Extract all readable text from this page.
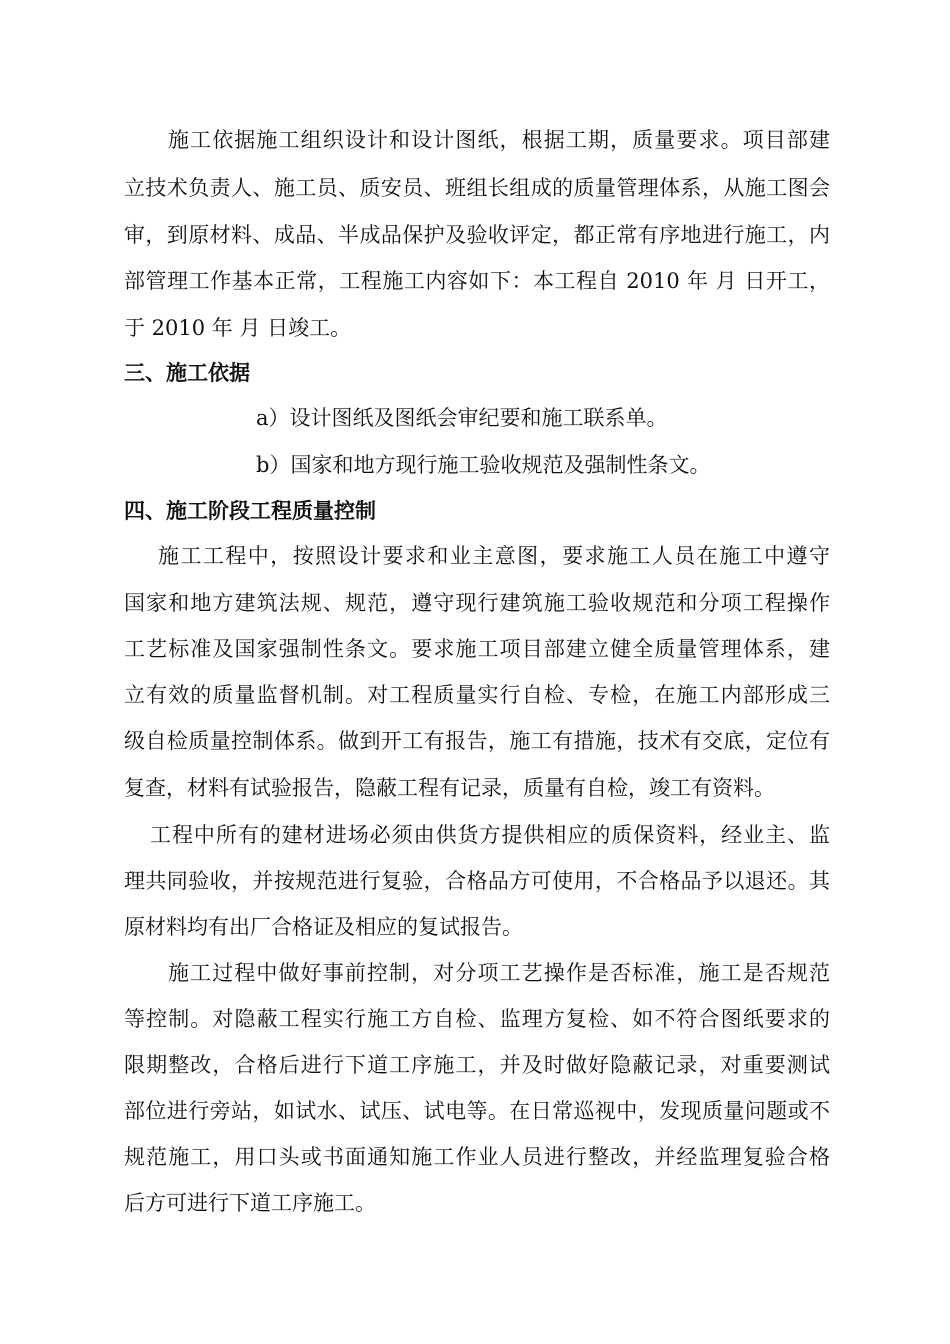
施工依据施工组织设计和设计图纸，根据工期，质量要求。项目部建
立技术负责人、施工员、质安员、班组长组成的质量管理体系，从施工图会
审，到原材料、成品、半成品保护及验收评定，都正常有序地进行施工，内
部管理工作基本正常，工程施工内容如下：本工程自 2010 年 月 日开工，
于 2010 年 月 日竣工。
三、施工依据
a）设计图纸及图纸会审纪要和施工联系单。
b）国家和地方现行施工验收规范及强制性条文。
四、施工阶段工程质量控制
施工工程中，按照设计要求和业主意图，要求施工人员在施工中遵守
国家和地方建筑法规、规范，遵守现行建筑施工验收规范和分项工程操作
工艺标准及国家强制性条文。要求施工项目部建立健全质量管理体系，建
立有效的质量监督机制。对工程质量实行自检、专检，在施工内部形成三
级自检质量控制体系。做到开工有报告，施工有措施，技术有交底，定位有
复查，材料有试验报告，隐蔽工程有记录，质量有自检，竣工有资料。
工程中所有的建材进场必须由供货方提供相应的质保资料，经业主、监
理共同验收，并按规范进行复验，合格品方可使用，不合格品予以退还。其
原材料均有出厂合格证及相应的复试报告。
施工过程中做好事前控制，对分项工艺操作是否标准，施工是否规范
等控制。对隐蔽工程实行施工方自检、监理方复检、如不符合图纸要求的
限期整改，合格后进行下道工序施工，并及时做好隐蔽记录，对重要测试
部位进行旁站，如试水、试压、试电等。在日常巡视中，发现质量问题或不
规范施工，用口头或书面通知施工作业人员进行整改，并经监理复验合格
后方可进行下道工序施工。
